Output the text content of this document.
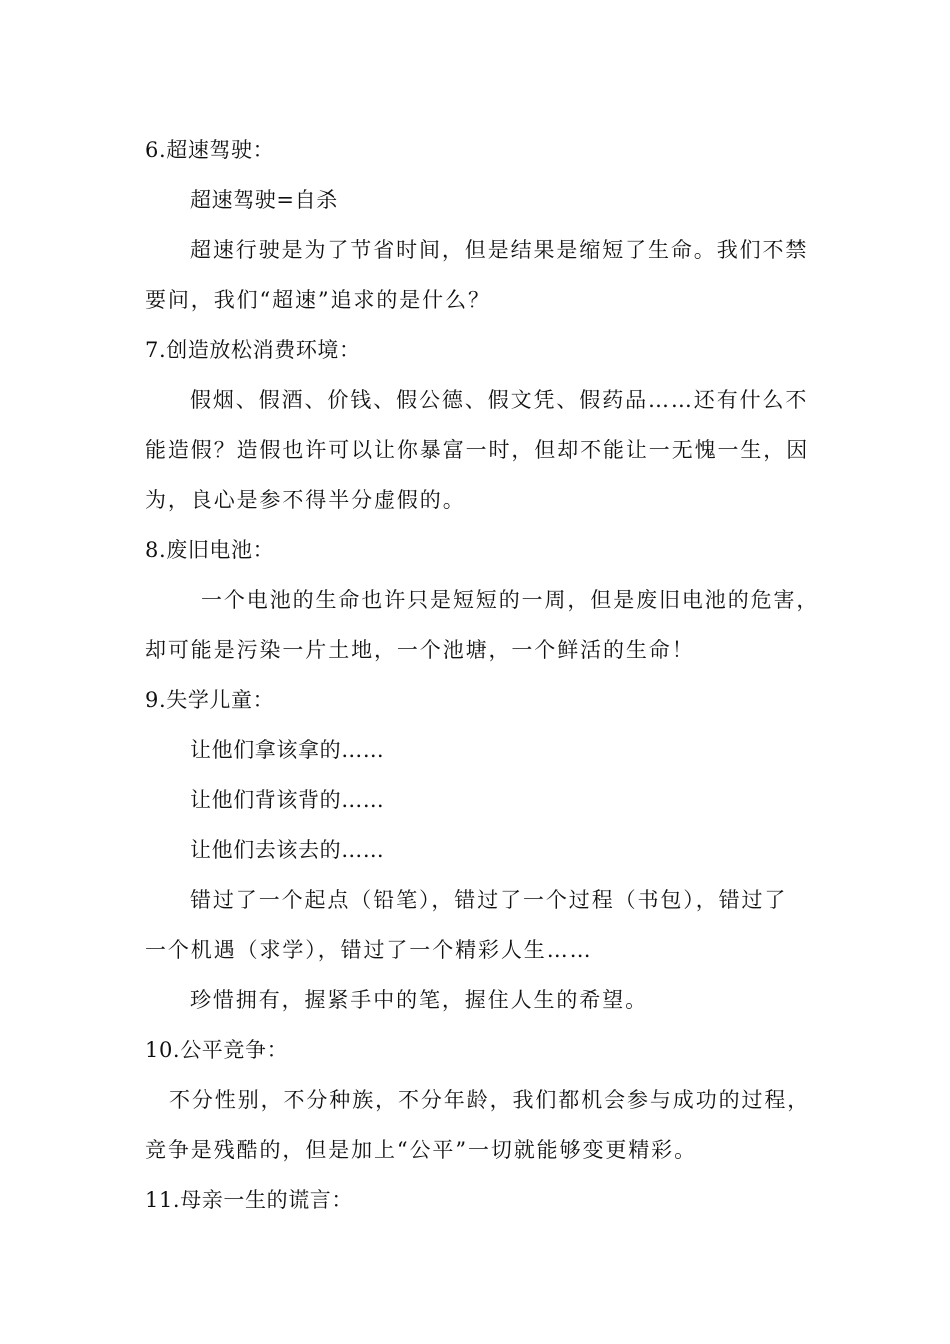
6.超速驾驶：
超速驾驶=自杀
超速行驶是为了节省时间，但是结果是缩短了生命。我们不禁
要问，我们“超速”追求的是什么？
7.创造放松消费环境：
假烟、假酒、价钱、假公德、假文凭、假药品……还有什么不
能造假？造假也许可以让你暴富一时，但却不能让一无愧一生，因
为，良心是参不得半分虚假的。
8.废旧电池：
一个电池的生命也许只是短短的一周，但是废旧电池的危害，
却可能是污染一片土地，一个池塘，一个鲜活的生命！
9.失学儿童：
让他们拿该拿的……
让他们背该背的……
让他们去该去的……
错过了一个起点（铅笔），错过了一个过程（书包），错过了
一个机遇（求学），错过了一个精彩人生……
珍惜拥有，握紧手中的笔，握住人生的希望。
10.公平竞争：
不分性别，不分种族，不分年龄，我们都机会参与成功的过程，
竞争是残酷的，但是加上“公平”一切就能够变更精彩。
11.母亲一生的谎言：
